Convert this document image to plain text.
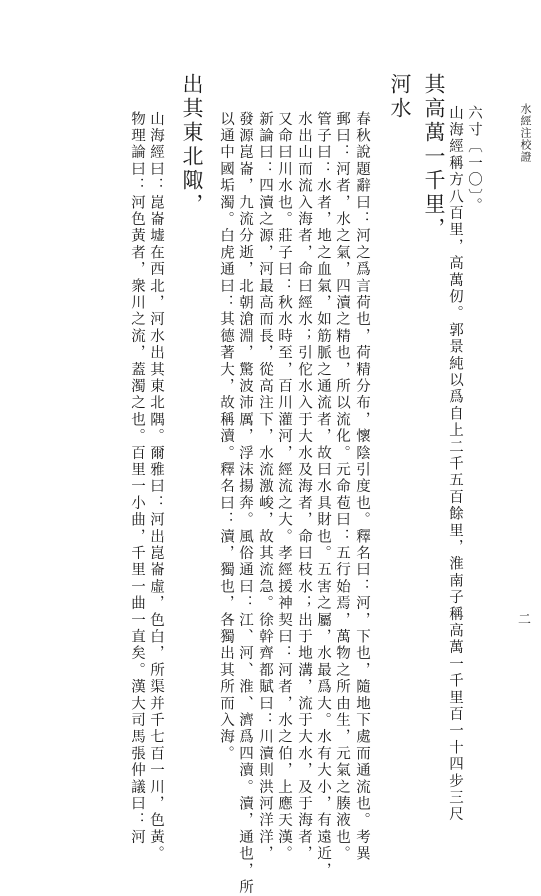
水經注校證
二
其高萬一千里， 山海經稱方八百里，高萬仞。郭景純以爲自上二千五百餘里，淮南子稱高萬一千里百一十四步三尺 六寸〔一〇〕。
河水
春秋說題辭曰：河之爲言荷也，荷精分布，懷陰引度也。釋名曰：河，下也，隨地下處而通流也。考異
郵曰：河者，水之氣，四瀆之精也，所以流化。元命苞曰：五行始焉，萬物之所由生，元氣之腠液也。
管子曰：水者，地之血氣，如筋脈之通流者，故曰水具財也。五害之屬，水最爲大。水有大小，有遠近，
水出山而流入海者，命曰經水；引佗水入于大水及海者，命曰枝水；出于地溝，流于大水，及于海者，
又命曰川水也。莊子曰：秋水時至，百川灌河，經流之大。孝經援神契曰：河者，水之伯，上應天漢。
新論曰：四瀆之源，河最高而長，從高注下，水流激峻，故其流急。徐幹齊都賦曰：川瀆則洪河洋洋，
發源崑崙，九流分逝，北朝滄淵，驚波沛厲，浮沫揚奔。風俗通曰：江、河、淮、濟爲四瀆。瀆，通也，所
以通中國垢濁。白虎通曰：其德著大，故稱瀆。釋名曰：瀆，獨也，各獨出其所而入海。
出其東北陬，
山海經曰：崑崙墟在西北，河水出其東北隅。爾雅曰：河出崑崙虛，色白，所渠并千七百一川，色黃。
物理論曰：河色黃者，衆川之流，蓋濁之也。百里一小曲，千里一曲一直矣。漢大司馬張仲議曰：河
